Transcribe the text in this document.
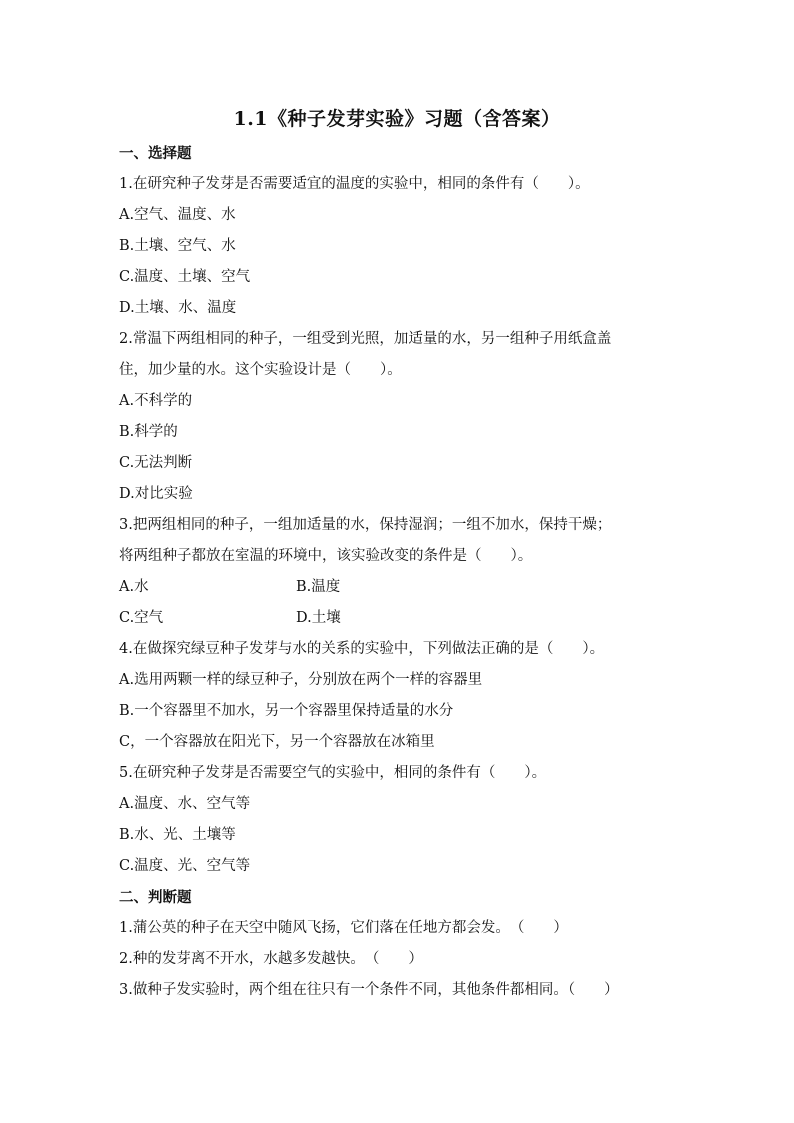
1.1《种子发芽实验》习题（含答案）
一、选择题
1.在研究种子发芽是否需要适宜的温度的实验中，相同的条件有（　　）。
A.空气、温度、水
B.土壤、空气、水
C.温度、土壤、空气
D.土壤、水、温度
2.常温下两组相同的种子，一组受到光照，加适量的水，另一组种子用纸盒盖
住，加少量的水。这个实验设计是（　　）。
A.不科学的
B.科学的
C.无法判断
D.对比实验
3.把两组相同的种子，一组加适量的水，保持湿润；一组不加水，保持干燥；
将两组种子都放在室温的环境中，该实验改变的条件是（　　）。
A.水	B.温度
C.空气	D.土壤
4.在做探究绿豆种子发芽与水的关系的实验中，下列做法正确的是（　　）。
A.选用两颗一样的绿豆种子，分别放在两个一样的容器里
B.一个容器里不加水，另一个容器里保持适量的水分
C，一个容器放在阳光下，另一个容器放在冰箱里
5.在研究种子发芽是否需要空气的实验中，相同的条件有（　　）。
A.温度、水、空气等
B.水、光、土壤等
C.温度、光、空气等
二、判断题
1.蒲公英的种子在天空中随风飞扬，它们落在任地方都会发。　（　　）
2.种的发芽离不开水，水越多发越快。　（　　）
3.做种子发实验时，两个组在往只有一个条件不同，其他条件都相同。（　　）
